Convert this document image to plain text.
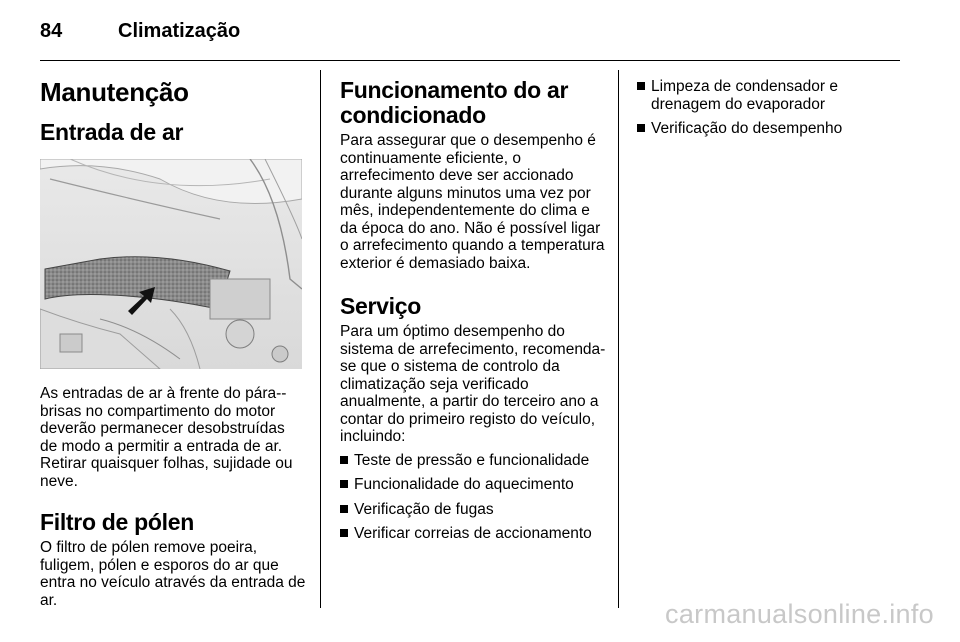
84	Climatização
Manutenção
Entrada de ar

As entradas de ar à frente do pára--brisas no compartimento do motor deverão permanecer desobstruídas de modo a permitir a entrada de ar. Retirar quaisquer folhas, sujidade ou neve.

Filtro de pólen

O filtro de pólen remove poeira, fuligem, pólen e esporos do ar que entra no veículo através da entrada de ar.

Funcionamento do ar condicionado

Para assegurar que o desempenho é continuamente eficiente, o arrefecimento deve ser accionado durante alguns minutos uma vez por mês, independentemente do clima e da época do ano. Não é possível ligar o arrefecimento quando a temperatura exterior é demasiado baixa.

Serviço

Para um óptimo desempenho do sistema de arrefecimento, recomenda-se que o sistema de controlo da climatização seja verificado anualmente, a partir do terceiro ano a contar do primeiro registo do veículo, incluindo:

Teste de pressão e funcionalidade
Funcionalidade do aquecimento
Verificação de fugas
Verificar correias de accionamento
Limpeza de condensador e drenagem do evaporador
Verificação do desempenho
carmanualsonline.info
